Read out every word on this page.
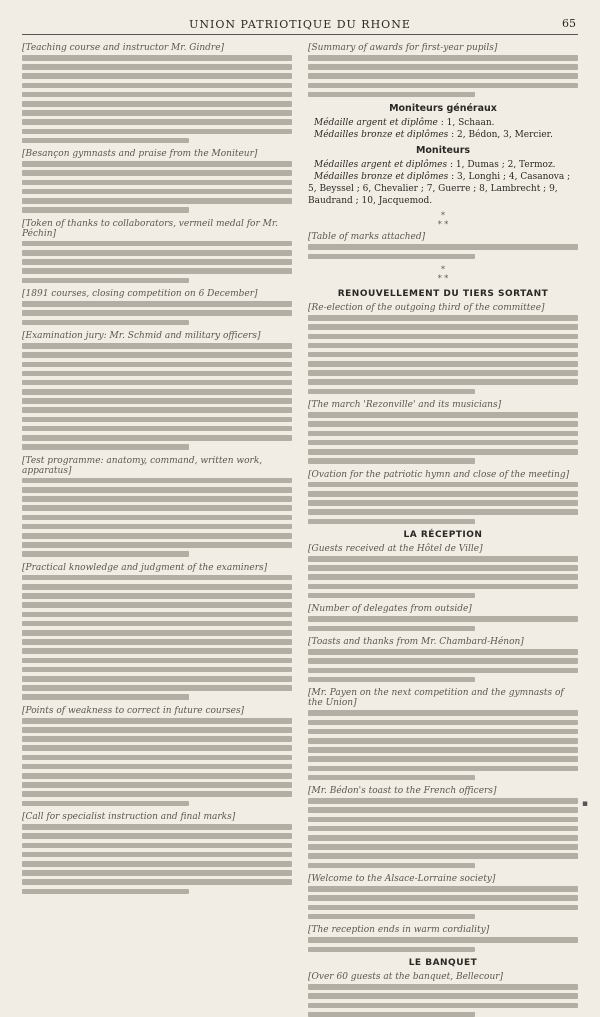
UNION PATRIOTIQUE DU RHONE	65
[Teaching course and instructor Mr. Gindre]
[Besançon gymnasts and praise from the Moniteur]
[Token of thanks to collaborators, vermeil medal for Mr. Péchin]
[1891 courses, closing competition on 6 December]
[Examination jury: Mr. Schmid and military officers]
[Test programme: anatomy, command, written work, apparatus]
[Practical knowledge and judgment of the examiners]
[Points of weakness to correct in future courses]
[Call for specialist instruction and final marks]
[Summary of awards for first-year pupils]
Moniteurs généraux
Médaille argent et diplôme : 1, Schaan.
Médailles bronze et diplômes : 2, Bédon, 3, Mercier.
Moniteurs
Médailles argent et diplômes : 1, Dumas ; 2, Termoz.
Médailles bronze et diplômes : 3, Longhi ; 4, Casanova ; 5, Beyssel ; 6, Chevalier ; 7, Guerre ; 8, Lambrecht ; 9, Baudrand ; 10, Jacquemod.
*
* *
[Table of marks attached]
*
* *
RENOUVELLEMENT DU TIERS SORTANT
[Re-election of the outgoing third of the committee]
[The march 'Rezonville' and its musicians]
[Ovation for the patriotic hymn and close of the meeting]
LA RÉCEPTION
[Guests received at the Hôtel de Ville]
[Number of delegates from outside]
[Toasts and thanks from Mr. Chambard-Hénon]
[Mr. Payen on the next competition and the gymnasts of the Union]
[Mr. Bédon's toast to the French officers]
[Welcome to the Alsace-Lorraine society]
[The reception ends in warm cordiality]
LE BANQUET
[Over 60 guests at the banquet, Bellecour]
▪
